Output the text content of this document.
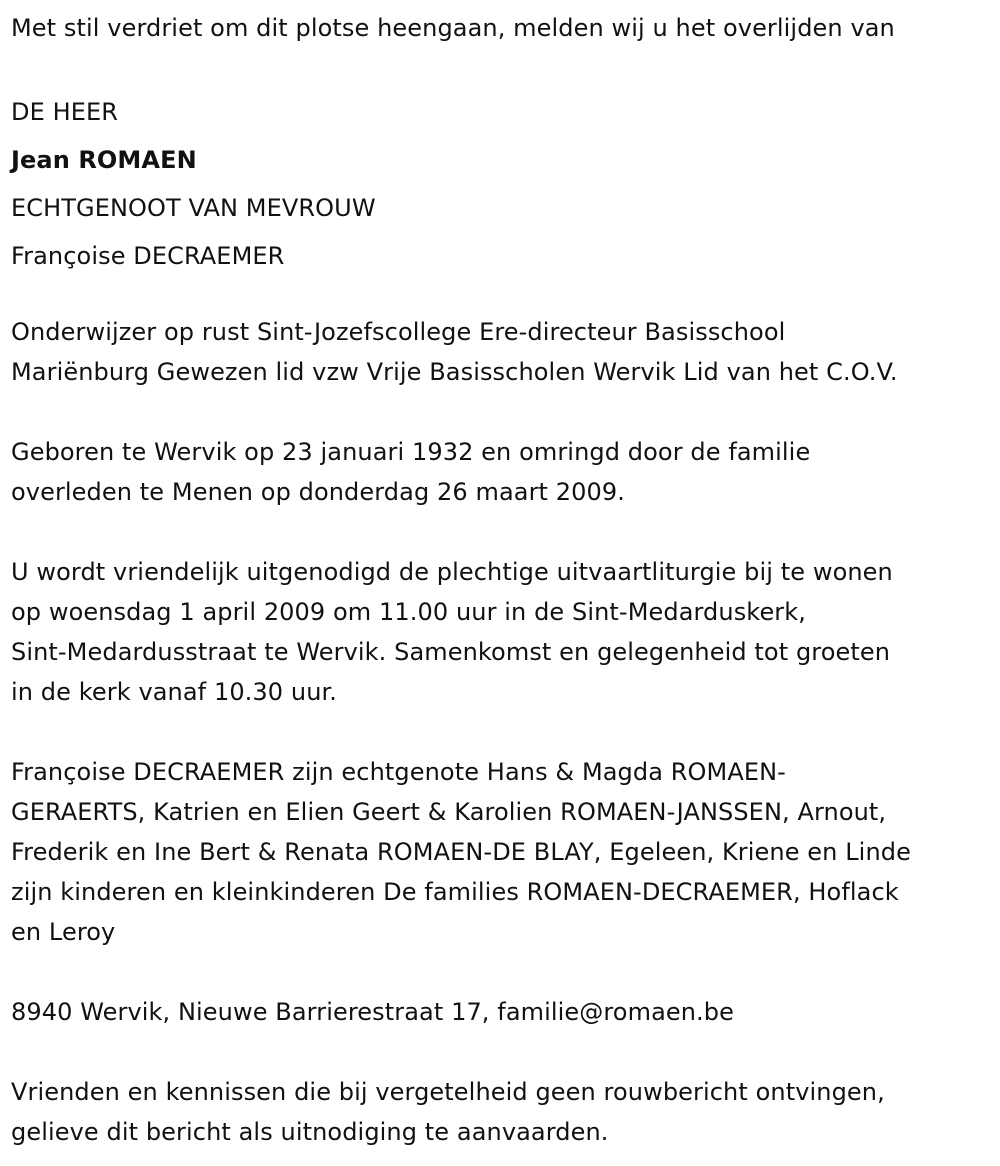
Met stil verdriet om dit plotse heengaan, melden wij u het overlijden van

DE HEER

Jean ROMAEN

ECHTGENOOT VAN MEVROUW

Françoise DECRAEMER

Onderwijzer op rust Sint-Jozefscollege Ere-directeur Basisschool

Mariënburg Gewezen lid vzw Vrije Basisscholen Wervik Lid van het C.O.V.

Geboren te Wervik op 23 januari 1932 en omringd door de familie

overleden te Menen op donderdag 26 maart 2009.

U wordt vriendelijk uitgenodigd de plechtige uitvaartliturgie bij te wonen

op woensdag 1 april 2009 om 11.00 uur in de Sint-Medarduskerk,

Sint-Medardusstraat te Wervik. Samenkomst en gelegenheid tot groeten

in de kerk vanaf 10.30 uur.

Françoise DECRAEMER zijn echtgenote Hans & Magda ROMAEN-

GERAERTS, Katrien en Elien Geert & Karolien ROMAEN-JANSSEN, Arnout,

Frederik en Ine Bert & Renata ROMAEN-DE BLAY, Egeleen, Kriene en Linde

zijn kinderen en kleinkinderen De families ROMAEN-DECRAEMER, Hoflack

en Leroy

8940 Wervik, Nieuwe Barrierestraat 17, familie@romaen.be

Vrienden en kennissen die bij vergetelheid geen rouwbericht ontvingen,

gelieve dit bericht als uitnodiging te aanvaarden.
